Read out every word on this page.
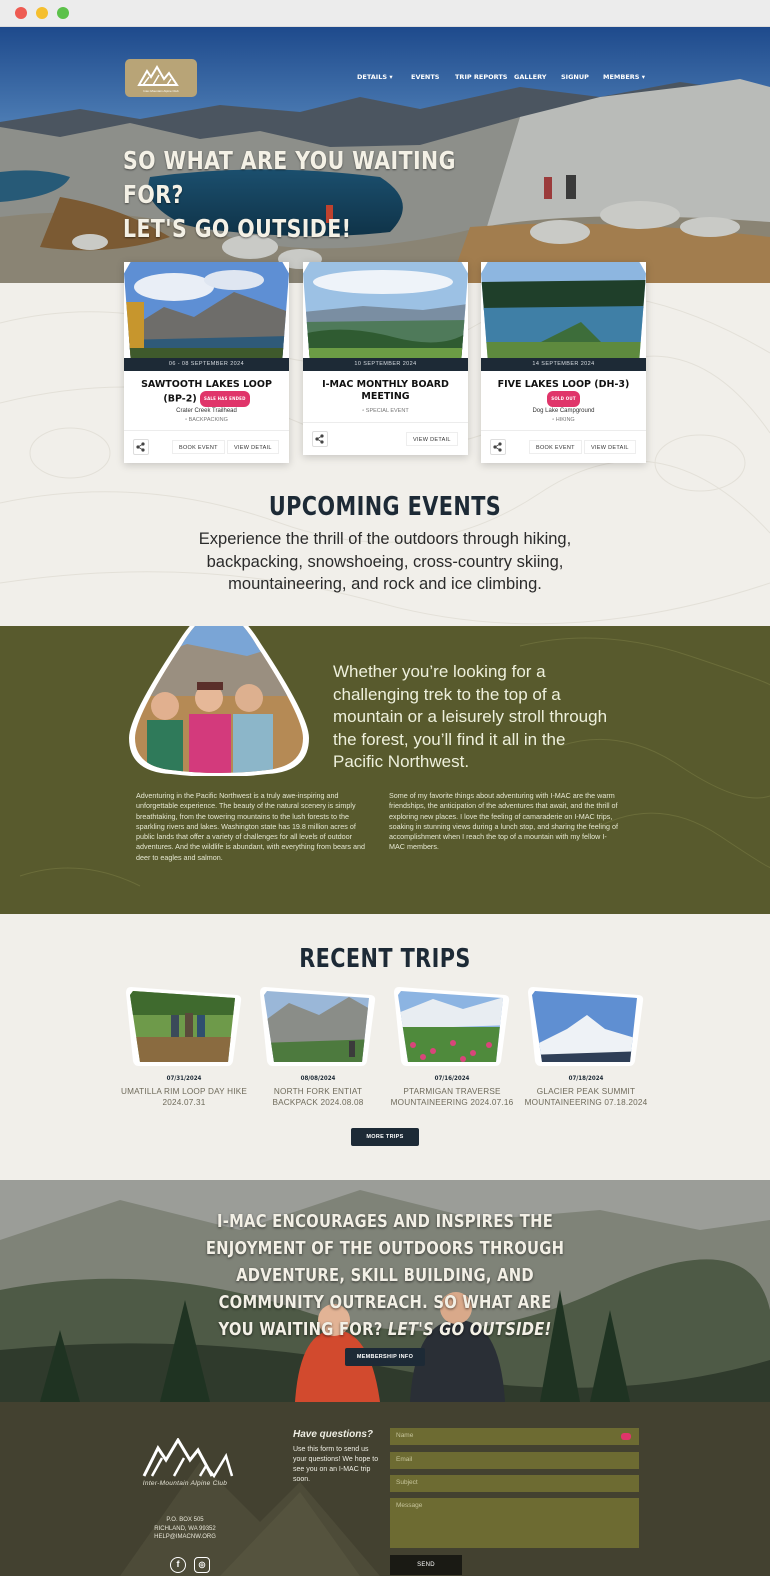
Inter-Mountain Alpine Club
DETAILS ▾	EVENTS TRIP REPORTS GALLERY SIGNUP MEMBERS ▾
SO WHAT ARE YOU WAITING FOR?
LET'S GO OUTSIDE!
06 - 08 SEPTEMBER 2024
SAWTOOTH LAKES LOOP (BP-2) SALE HAS ENDED
Crater Creek Trailhead
▫ BACKPACKING
BOOK EVENT	VIEW DETAIL
10 SEPTEMBER 2024
I-MAC MONTHLY BOARD MEETING
▫ SPECIAL EVENT
VIEW DETAIL
14 SEPTEMBER 2024
FIVE LAKES LOOP (DH-3)
SOLD OUT
Dog Lake Campground
▫ HIKING
BOOK EVENT	VIEW DETAIL
UPCOMING EVENTS
Experience the thrill of the outdoors through hiking, backpacking, snowshoeing, cross-country skiing, mountaineering, and rock and ice climbing.
Whether you’re looking for a challenging trek to the top of a mountain or a leisurely stroll through the forest, you’ll find it all in the Pacific Northwest.
Adventuring in the Pacific Northwest is a truly awe-inspiring and unforgettable experience. The beauty of the natural scenery is simply breathtaking, from the towering mountains to the lush forests to the sparkling rivers and lakes. Washington state has 19.8 million acres of public lands that offer a variety of challenges for all levels of outdoor adventures. And the wildlife is abundant, with everything from bears and deer to eagles and salmon.
Some of my favorite things about adventuring with I-MAC are the warm friendships, the anticipation of the adventures that await, and the thrill of exploring new places. I love the feeling of camaraderie on I-MAC trips, soaking in stunning views during a lunch stop, and sharing the feeling of accomplishment when I reach the top of a mountain with my fellow I-MAC members.
RECENT TRIPS
07/31/2024
UMATILLA RIM LOOP DAY HIKE 2024.07.31
08/08/2024
NORTH FORK ENTIAT BACKPACK 2024.08.08
07/16/2024
PTARMIGAN TRAVERSE MOUNTAINEERING 2024.07.16
07/18/2024
GLACIER PEAK SUMMIT MOUNTAINEERING 07.18.2024
MORE TRIPS
I-MAC ENCOURAGES AND INSPIRES THE ENJOYMENT OF THE OUTDOORS THROUGH ADVENTURE, SKILL BUILDING, AND COMMUNITY OUTREACH. SO WHAT ARE YOU WAITING FOR? LET'S GO OUTSIDE!
MEMBERSHIP INFO
Inter-Mountain Alpine Club
P.O. BOX 505
RICHLAND, WA 99352
HELP@IMACNW.ORG
f	◎
Have questions?
Use this form to send us your questions! We hope to see you on an I-MAC trip soon.
Name
Email
Subject
Message
SEND
